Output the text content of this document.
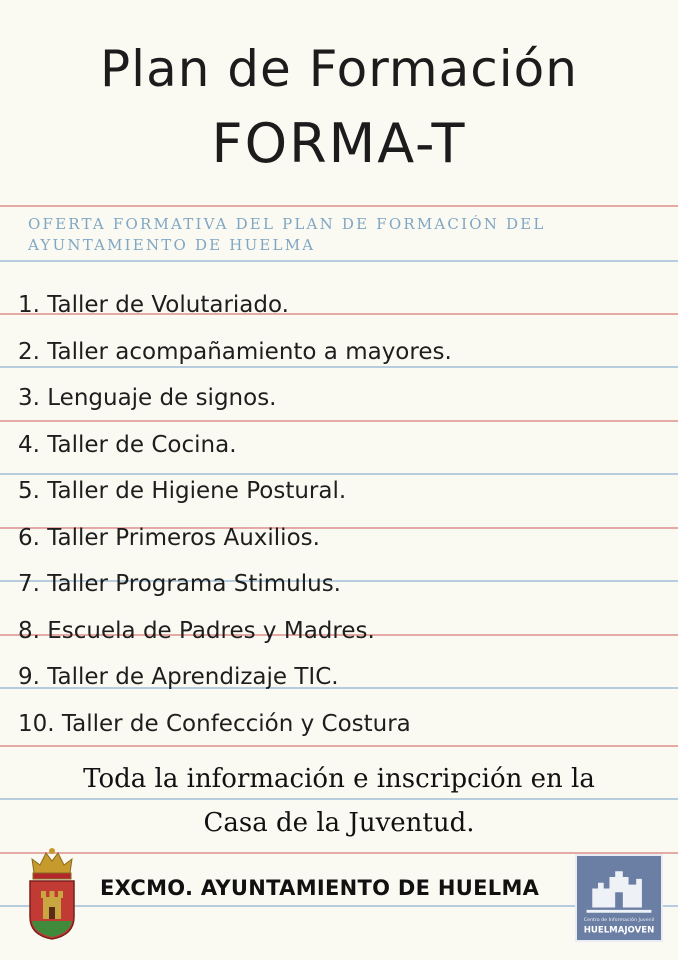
Plan de Formación
FORMA-T

OFERTA FORMATIVA DEL PLAN DE FORMACIÓN DEL AYUNTAMIENTO DE HUELMA

1. Taller de Volutariado.
2. Taller acompañamiento a mayores.
3. Lenguaje de signos.
4. Taller de Cocina.
5. Taller de Higiene Postural.
6. Taller Primeros Auxilios.
7. Taller Programa Stimulus.
8. Escuela de Padres y Madres.
9. Taller de Aprendizaje TIC.
10. Taller de Confección y Costura

Toda la información e inscripción en la

Casa de la Juventud.

EXCMO. AYUNTAMIENTO DE HUELMA

Centro de Información Juvenil
HUELMAJOVEN
